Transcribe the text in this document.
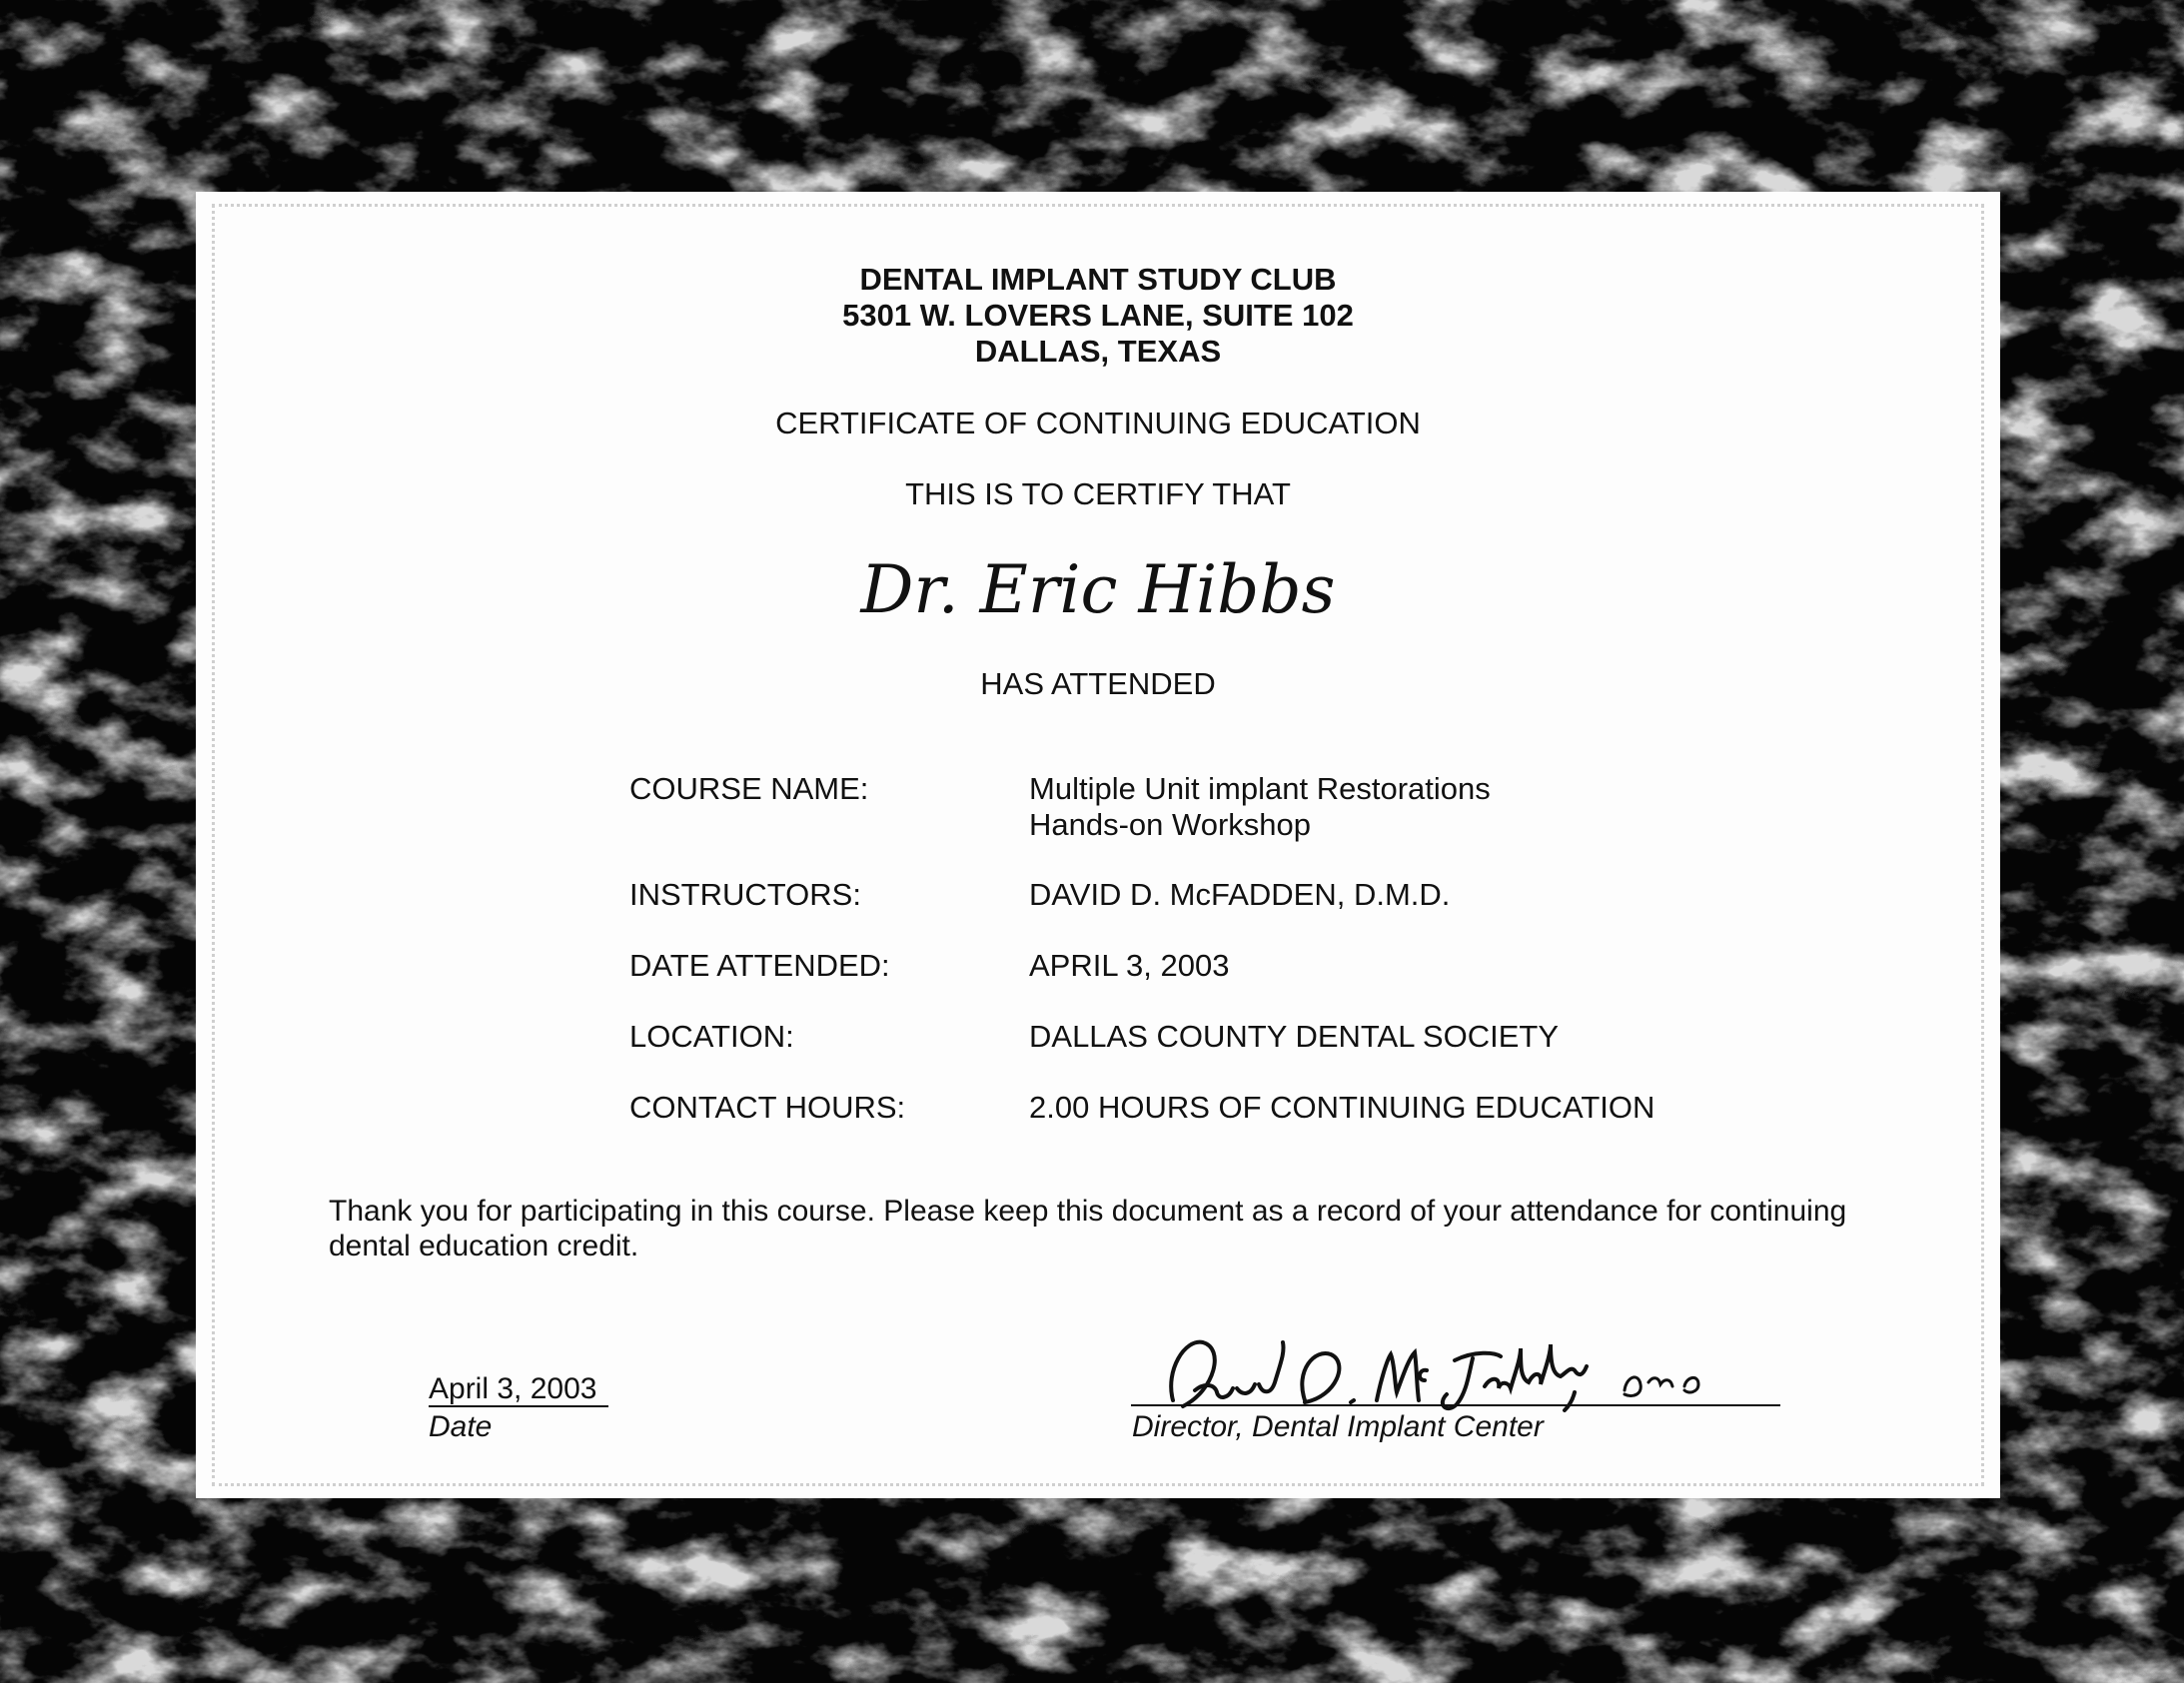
DENTAL IMPLANT STUDY CLUB
5301 W. LOVERS LANE, SUITE 102
DALLAS, TEXAS
CERTIFICATE OF CONTINUING EDUCATION
THIS IS TO CERTIFY THAT
Dr. Eric Hibbs
HAS ATTENDED
COURSE NAME:	Multiple Unit implant Restorations
Hands-on Workshop
INSTRUCTORS:	DAVID D. McFADDEN, D.M.D.
DATE ATTENDED:	APRIL 3, 2003
LOCATION:	DALLAS COUNTY DENTAL SOCIETY
CONTACT HOURS:	2.00 HOURS OF CONTINUING EDUCATION
Thank you for participating in this course. Please keep this document as a record of your attendance for continuing dental education credit.
April 3, 2003
Date	Director, Dental Implant Center
